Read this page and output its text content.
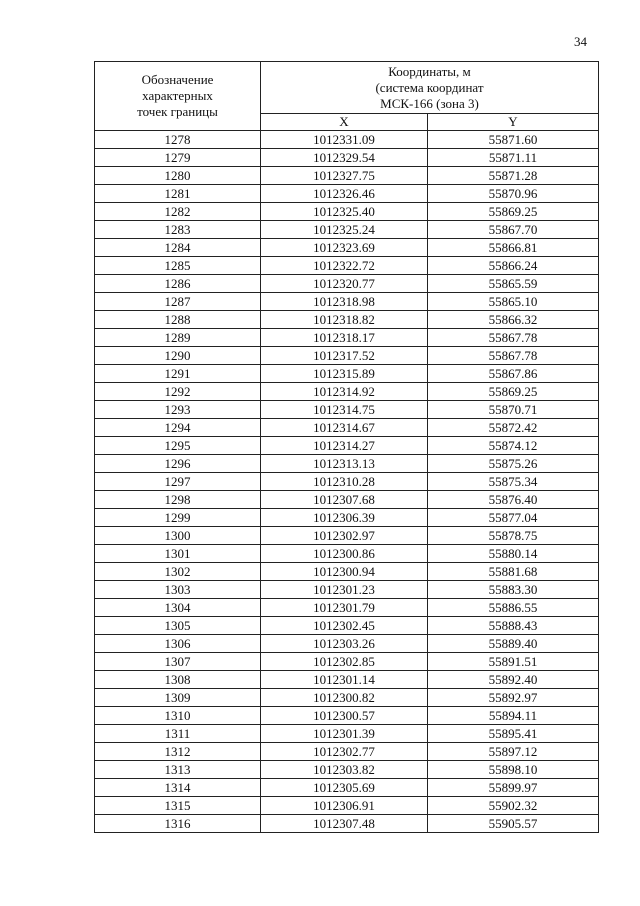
34
Обозначение
характерных
точек границы	Координаты, м
(система координат
МСК-166 (зона 3)	

	X	Y
1278	1012331.09	55871.60
1279	1012329.54	55871.11
1280	1012327.75	55871.28
1281	1012326.46	55870.96
1282	1012325.40	55869.25
1283	1012325.24	55867.70
1284	1012323.69	55866.81
1285	1012322.72	55866.24
1286	1012320.77	55865.59
1287	1012318.98	55865.10
1288	1012318.82	55866.32
1289	1012318.17	55867.78
1290	1012317.52	55867.78
1291	1012315.89	55867.86
1292	1012314.92	55869.25
1293	1012314.75	55870.71
1294	1012314.67	55872.42
1295	1012314.27	55874.12
1296	1012313.13	55875.26
1297	1012310.28	55875.34
1298	1012307.68	55876.40
1299	1012306.39	55877.04
1300	1012302.97	55878.75
1301	1012300.86	55880.14
1302	1012300.94	55881.68
1303	1012301.23	55883.30
1304	1012301.79	55886.55
1305	1012302.45	55888.43
1306	1012303.26	55889.40
1307	1012302.85	55891.51
1308	1012301.14	55892.40
1309	1012300.82	55892.97
1310	1012300.57	55894.11
1311	1012301.39	55895.41
1312	1012302.77	55897.12
1313	1012303.82	55898.10
1314	1012305.69	55899.97
1315	1012306.91	55902.32
1316	1012307.48	55905.57
